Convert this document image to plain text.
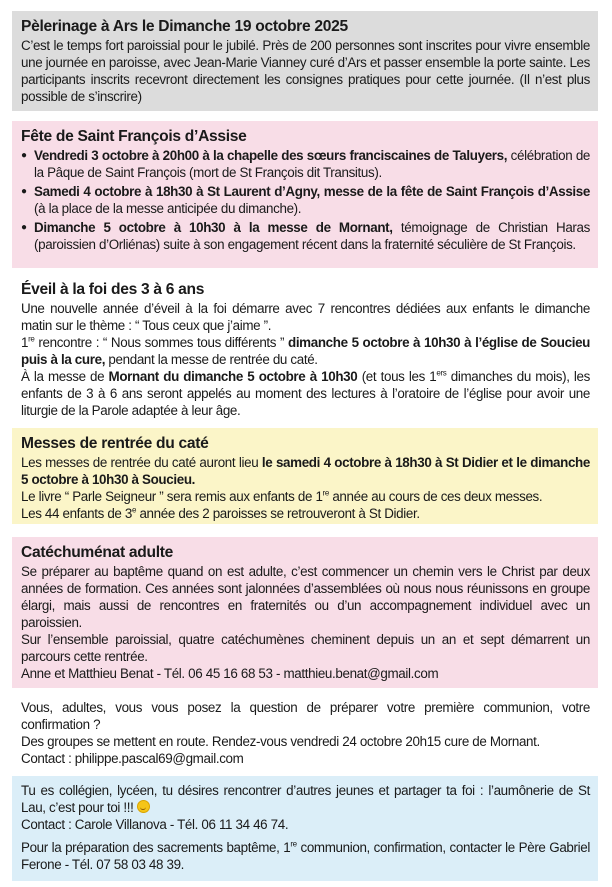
Pèlerinage à Ars le Dimanche 19 octobre 2025

C’est le temps fort paroissial pour le jubilé. Près de 200 personnes sont inscrites pour vivre ensemble une journée en paroisse, avec Jean-Marie Vianney curé d’Ars et passer ensemble la porte sainte. Les participants inscrits recevront directement les consignes pratiques pour cette journée. (Il n’est plus possible de s’inscrire)

Fête de Saint François d’Assise
● Vendredi 3 octobre à 20h00 à la chapelle des sœurs franciscaines de Taluyers, célébration de la Pâque de Saint François (mort de St François dit Transitus).
● Samedi 4 octobre à 18h30 à St Laurent d’Agny, messe de la fête de Saint François d’Assise (à la place de la messe anticipée du dimanche).
● Dimanche 5 octobre à 10h30 à la messe de Mornant, témoignage de Christian Haras (paroissien d’Orliénas) suite à son engagement récent dans la fraternité séculière de St François.
Éveil à la foi des 3 à 6 ans

Une nouvelle année d’éveil à la foi démarre avec 7 rencontres dédiées aux enfants le dimanche matin sur le thème : “ Tous ceux que j’aime ”.

1re rencontre : “ Nous sommes tous différents ” dimanche 5 octobre à 10h30 à l’église de Soucieu puis à la cure, pendant la messe de rentrée du caté.

À la messe de Mornant du dimanche 5 octobre à 10h30 (et tous les 1ers dimanches du mois), les enfants de 3 à 6 ans seront appelés au moment des lectures à l’oratoire de l’église pour avoir une liturgie de la Parole adaptée à leur âge.

Messes de rentrée du caté

Les messes de rentrée du caté auront lieu le samedi 4 octobre à 18h30 à St Didier et le dimanche 5 octobre à 10h30 à Soucieu.

Le livre “ Parle Seigneur ” sera remis aux enfants de 1re année au cours de ces deux messes.

Les 44 enfants de 3e année des 2 paroisses se retrouveront à St Didier.

Catéchuménat adulte

Se préparer au baptême quand on est adulte, c’est commencer un chemin vers le Christ par deux années de formation. Ces années sont jalonnées d’assemblées où nous nous réunissons en groupe élargi, mais aussi de rencontres en fraternités ou d’un accompagnement individuel avec un paroissien.

Sur l’ensemble paroissial, quatre catéchumènes cheminent depuis un an et sept démarrent un parcours cette rentrée.

Anne et Matthieu Benat - Tél. 06 45 16 68 53 - matthieu.benat@gmail.com

Vous, adultes, vous vous posez la question de préparer votre première communion, votre confirmation ?

Des groupes se mettent en route. Rendez-vous vendredi 24 octobre 20h15 cure de Mornant.

Contact : philippe.pascal69@gmail.com

Tu es collégien, lycéen, tu désires rencontrer d’autres jeunes et partager ta foi : l’aumônerie de St Lau, c’est pour toi !!!

Contact : Carole Villanova - Tél. 06 11 34 46 74.

Pour la préparation des sacrements baptême, 1re communion, confirmation, contacter le Père Gabriel Ferone - Tél. 07 58 03 48 39.
